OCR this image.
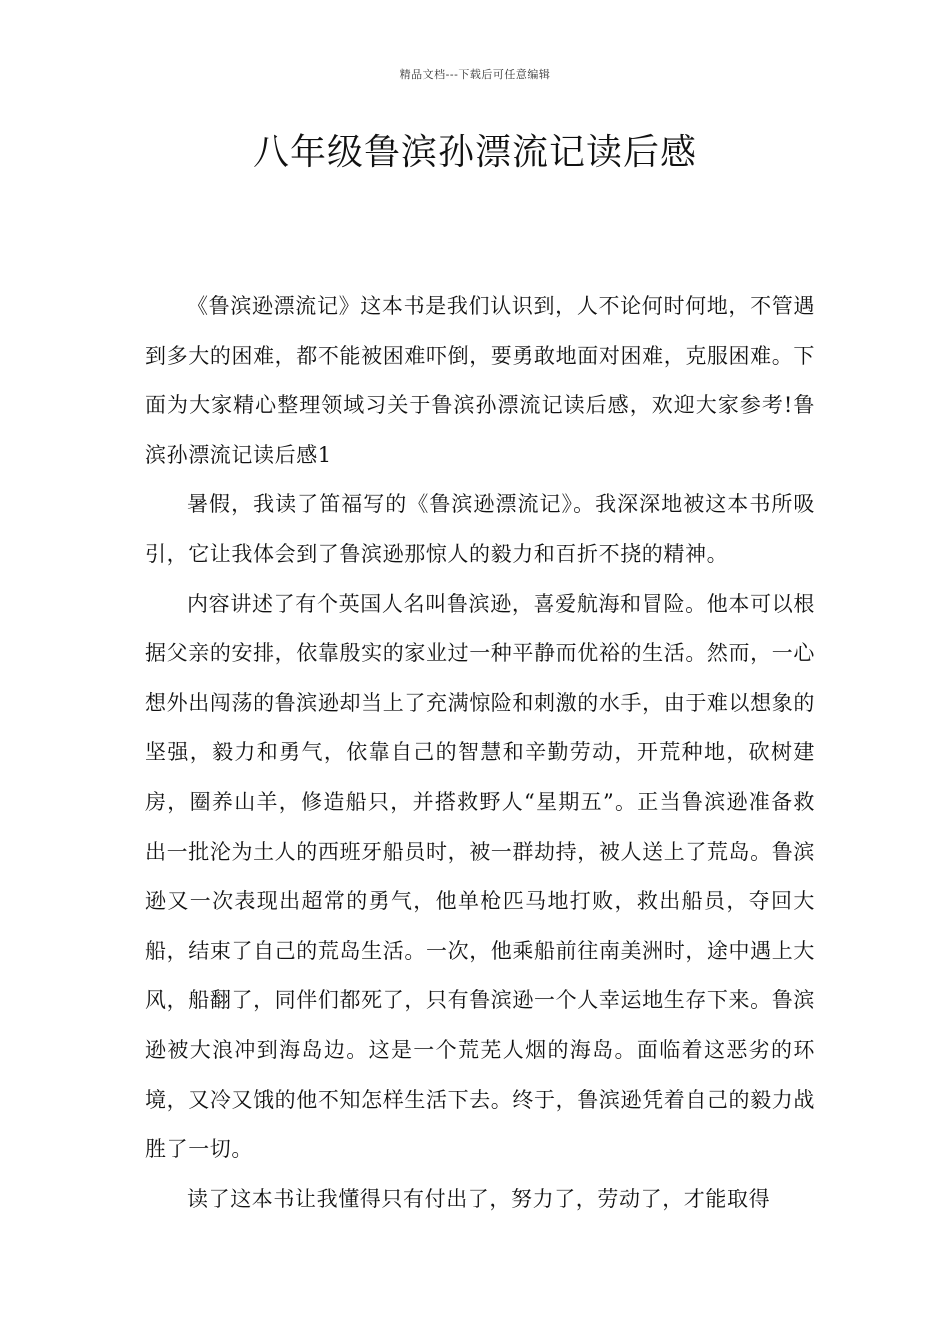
精品文档---下载后可任意编辑
八年级鲁滨孙漂流记读后感

《鲁滨逊漂流记》这本书是我们认识到，人不论何时何地，不管遇到多大的困难，都不能被困难吓倒，要勇敢地面对困难，克服困难。下面为大家精心整理领域习关于鲁滨孙漂流记读后感，欢迎大家参考!鲁滨孙漂流记读后感1

暑假，我读了笛福写的《鲁滨逊漂流记》。我深深地被这本书所吸引，它让我体会到了鲁滨逊那惊人的毅力和百折不挠的精神。

内容讲述了有个英国人名叫鲁滨逊，喜爱航海和冒险。他本可以根据父亲的安排，依靠殷实的家业过一种平静而优裕的生活。然而，一心想外出闯荡的鲁滨逊却当上了充满惊险和刺激的水手，由于难以想象的坚强，毅力和勇气，依靠自己的智慧和辛勤劳动，开荒种地，砍树建房，圈养山羊，修造船只，并搭救野人“星期五”。正当鲁滨逊准备救出一批沦为土人的西班牙船员时，被一群劫持，被人送上了荒岛。鲁滨逊又一次表现出超常的勇气，他单枪匹马地打败，救出船员，夺回大船，结束了自己的荒岛生活。一次，他乘船前往南美洲时，途中遇上大风，船翻了，同伴们都死了，只有鲁滨逊一个人幸运地生存下来。鲁滨逊被大浪冲到海岛边。这是一个荒芜人烟的海岛。面临着这恶劣的环境，又冷又饿的他不知怎样生活下去。终于，鲁滨逊凭着自己的毅力战胜了一切。

读了这本书让我懂得只有付出了，努力了，劳动了，才能取得
